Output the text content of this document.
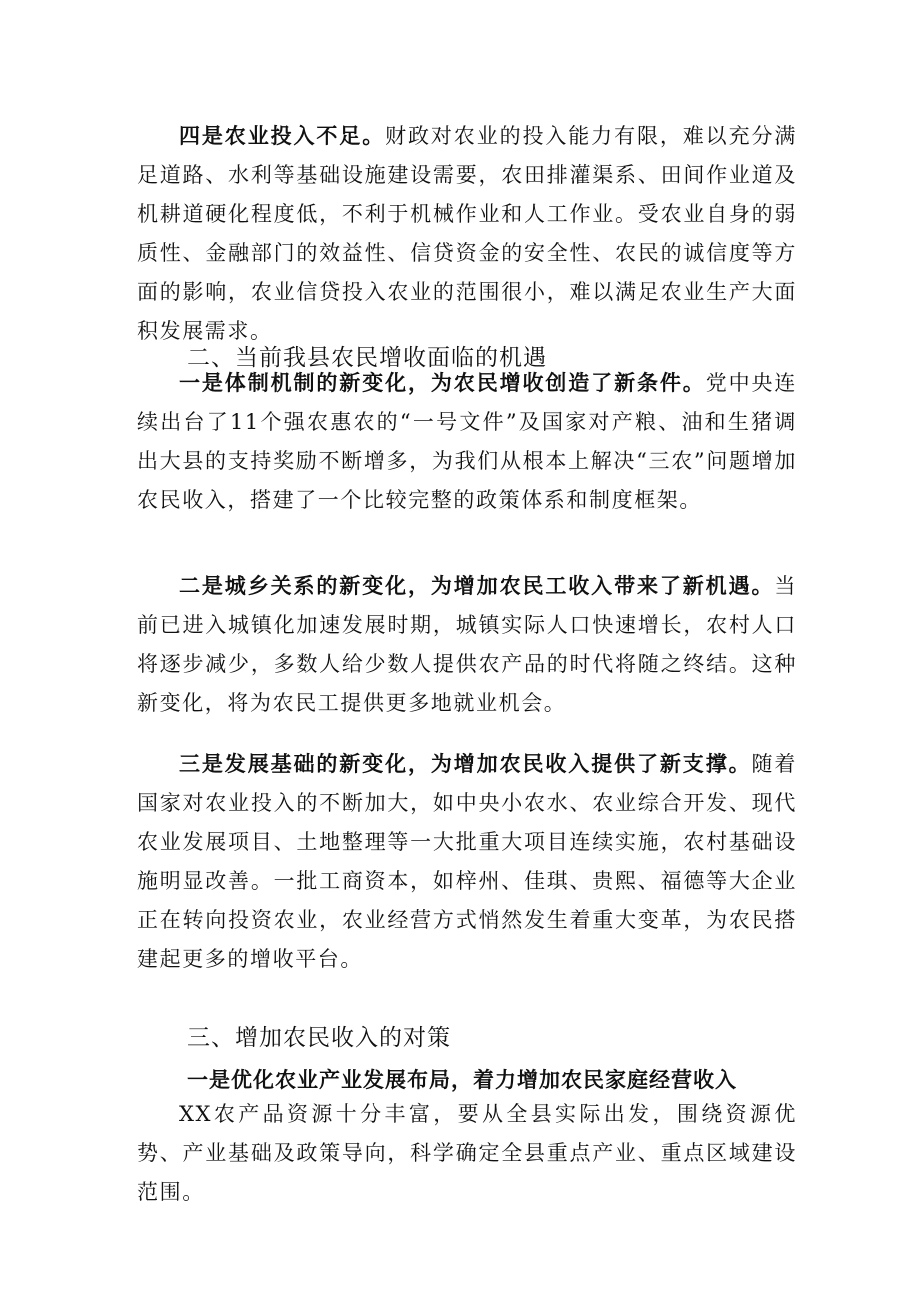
四是农业投入不足。财政对农业的投入能力有限，难以充分满足道路、水利等基础设施建设需要，农田排灌渠系、田间作业道及机耕道硬化程度低，不利于机械作业和人工作业。受农业自身的弱质性、金融部门的效益性、信贷资金的安全性、农民的诚信度等方面的影响，农业信贷投入农业的范围很小，难以满足农业生产大面积发展需求。

二、当前我县农民增收面临的机遇

一是体制机制的新变化，为农民增收创造了新条件。党中央连续出台了11个强农惠农的“一号文件”及国家对产粮、油和生猪调出大县的支持奖励不断增多，为我们从根本上解决“三农”问题增加农民收入，搭建了一个比较完整的政策体系和制度框架。

二是城乡关系的新变化，为增加农民工收入带来了新机遇。当前已进入城镇化加速发展时期，城镇实际人口快速增长，农村人口将逐步减少，多数人给少数人提供农产品的时代将随之终结。这种新变化，将为农民工提供更多地就业机会。

三是发展基础的新变化，为增加农民收入提供了新支撑。随着国家对农业投入的不断加大，如中央小农水、农业综合开发、现代农业发展项目、土地整理等一大批重大项目连续实施，农村基础设施明显改善。一批工商资本，如梓州、佳琪、贵熙、福德等大企业正在转向投资农业，农业经营方式悄然发生着重大变革，为农民搭建起更多的增收平台。

三、增加农民收入的对策
一是优化农业产业发展布局，着力增加农民家庭经营收入

XX农产品资源十分丰富，要从全县实际出发，围绕资源优势、产业基础及政策导向，科学确定全县重点产业、重点区域建设范围。
